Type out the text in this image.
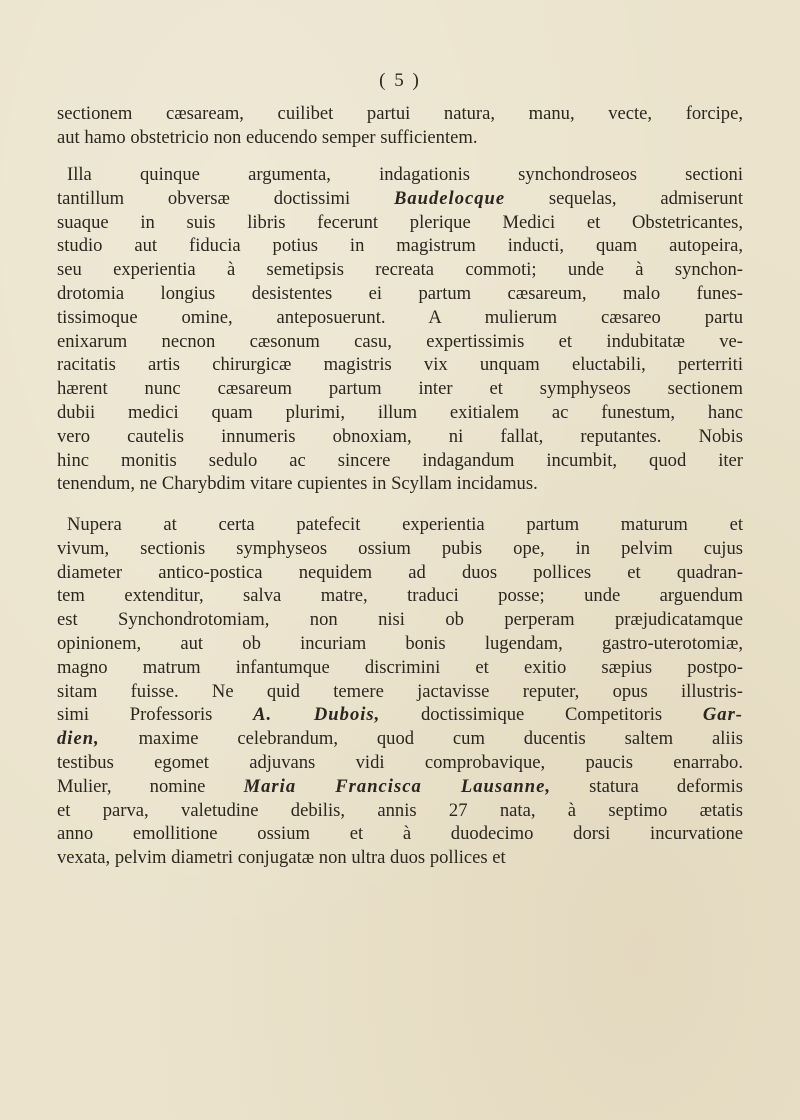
( 5 )
sectionem cæsaream, cuilibet partui natura, manu, vecte, forcipe,
aut hamo obstetricio non educendo semper sufficientem.
Illa quinque argumenta, indagationis synchondroseos sectioni
tantillum obversæ doctissimi Baudelocque sequelas, admiserunt
suaque in suis libris fecerunt plerique Medici et Obstetricantes,
studio aut fiducia potius in magistrum inducti, quam autopeira,
seu experientia à semetipsis recreata commoti; unde à synchon-
drotomia longius desistentes ei partum cæsareum, malo funes-
tissimoque omine, anteposuerunt. A mulierum cæsareo partu
enixarum necnon cæsonum casu, expertissimis et indubitatæ ve-
racitatis artis chirurgicæ magistris vix unquam eluctabili, perterriti
hærent nunc cæsareum partum inter et symphyseos sectionem
dubii medici quam plurimi, illum exitialem ac funestum, hanc
vero cautelis innumeris obnoxiam, ni fallat, reputantes. Nobis
hinc monitis sedulo ac sincere indagandum incumbit, quod iter
tenendum, ne Charybdim vitare cupientes in Scyllam incidamus.
Nupera at certa patefecit experientia partum maturum et
vivum, sectionis symphyseos ossium pubis ope, in pelvim cujus
diameter antico-postica nequidem ad duos pollices et quadran-
tem extenditur, salva matre, traduci posse; unde arguendum
est Synchondrotomiam, non nisi ob perperam præjudicatamque
opinionem, aut ob incuriam bonis lugendam, gastro-uterotomiæ,
magno matrum infantumque discrimini et exitio sæpius postpo-
sitam fuisse. Ne quid temere jactavisse reputer, opus illustris-
simi Professoris A. Dubois, doctissimique Competitoris Gar-
dien, maxime celebrandum, quod cum ducentis saltem aliis
testibus egomet adjuvans vidi comprobavique, paucis enarrabo.
Mulier, nomine Maria Francisca Lausanne, statura deformis
et parva, valetudine debilis, annis 27 nata, à septimo ætatis
anno emollitione ossium et à duodecimo dorsi incurvatione
vexata, pelvim diametri conjugatæ non ultra duos pollices et
